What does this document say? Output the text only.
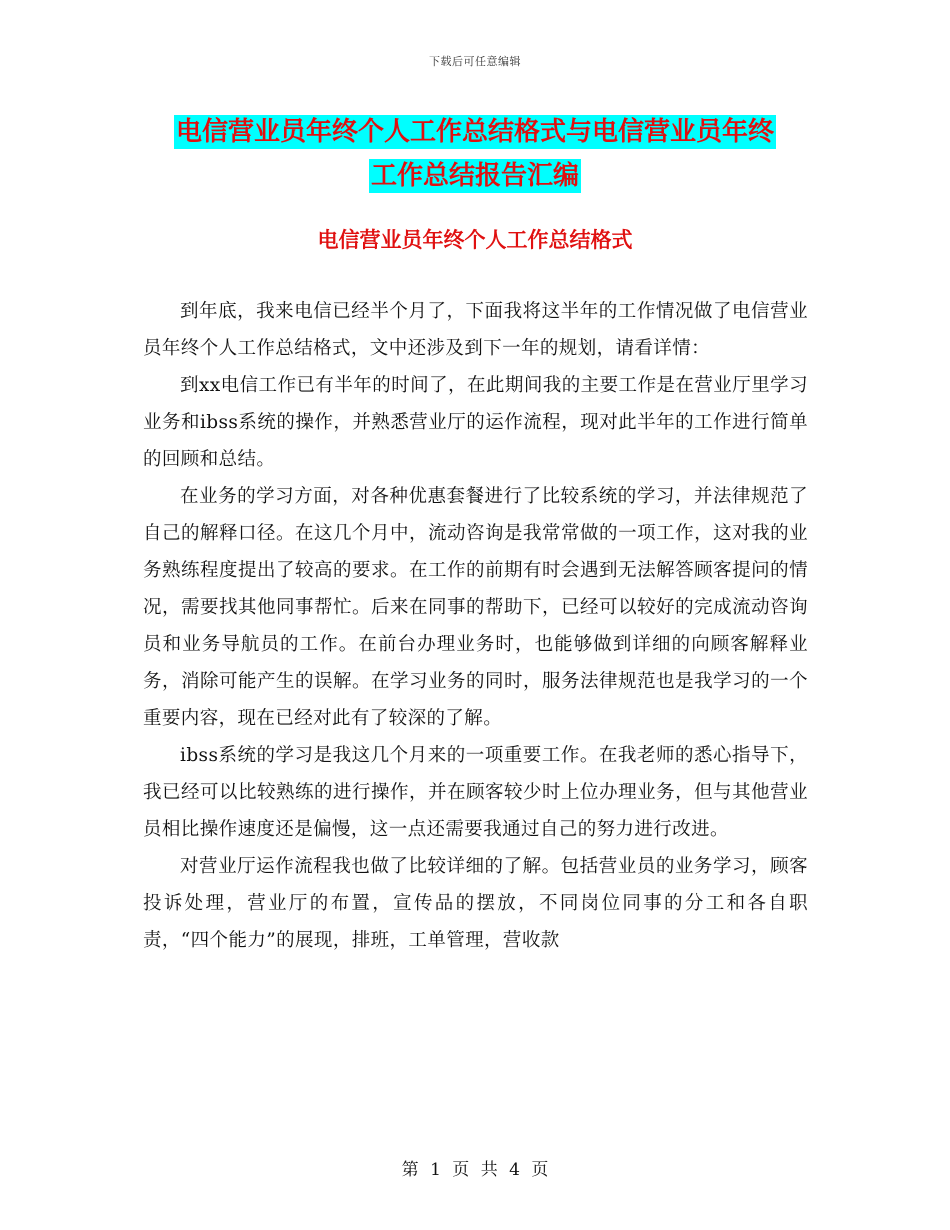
下载后可任意编辑
电信营业员年终个人工作总结格式与电信营业员年终
工作总结报告汇编
电信营业员年终个人工作总结格式

到年底，我来电信已经半个月了，下面我将这半年的工作情况做了电信营业员年终个人工作总结格式，文中还涉及到下一年的规划，请看详情：

到xx电信工作已有半年的时间了，在此期间我的主要工作是在营业厅里学习业务和ibss系统的操作，并熟悉营业厅的运作流程，现对此半年的工作进行简单的回顾和总结。

在业务的学习方面，对各种优惠套餐进行了比较系统的学习，并法律规范了自己的解释口径。在这几个月中，流动咨询是我常常做的一项工作，这对我的业务熟练程度提出了较高的要求。在工作的前期有时会遇到无法解答顾客提问的情况，需要找其他同事帮忙。后来在同事的帮助下，已经可以较好的完成流动咨询员和业务导航员的工作。在前台办理业务时，也能够做到详细的向顾客解释业务，消除可能产生的误解。在学习业务的同时，服务法律规范也是我学习的一个重要内容，现在已经对此有了较深的了解。

ibss系统的学习是我这几个月来的一项重要工作。在我老师的悉心指导下，我已经可以比较熟练的进行操作，并在顾客较少时上位办理业务，但与其他营业员相比操作速度还是偏慢，这一点还需要我通过自己的努力进行改进。

对营业厅运作流程我也做了比较详细的了解。包括营业员的业务学习，顾客投诉处理，营业厅的布置，宣传品的摆放，不同岗位同事的分工和各自职责，“四个能力”的展现，排班，工单管理，营收款

第 1 页 共 4 页
